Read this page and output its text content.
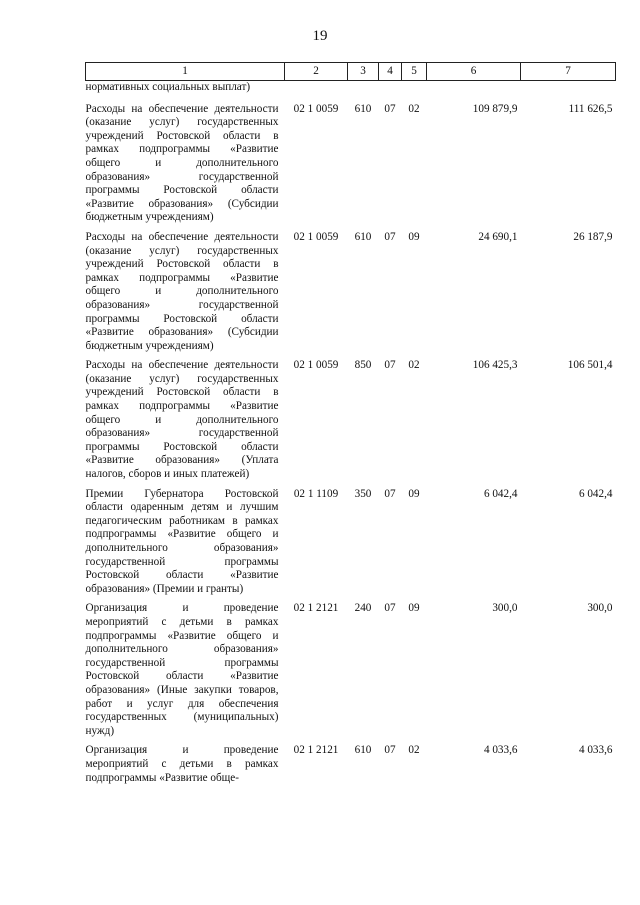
19
1	2	3	4	5	6	7
нормативных социальных выплат)						
Расходы на обеспечение деятельности (оказание услуг) государственных учреждений Ростовской области в рамках подпрограммы «Развитие общего и дополнительного образования» государственной программы Ростовской области «Развитие образования» (Субсидии бюджетным учреждениям)	02 1 0059	610	07	02	109 879,9	111 626,5
Расходы на обеспечение деятельности (оказание услуг) государственных учреждений Ростовской области в рамках подпрограммы «Развитие общего и дополнительного образования» государственной программы Ростовской области «Развитие образования» (Субсидии бюджетным учреждениям)	02 1 0059	610	07	09	24 690,1	26 187,9
Расходы на обеспечение деятельности (оказание услуг) государственных учреждений Ростовской области в рамках подпрограммы «Развитие общего и дополнительного образования» государственной программы Ростовской области «Развитие образования» (Уплата налогов, сборов и иных платежей)	02 1 0059	850	07	02	106 425,3	106 501,4
Премии Губернатора Ростовской области одаренным детям и лучшим педагогическим работникам в рамках подпрограммы «Развитие общего и дополнительного образования» государственной программы Ростовской области «Развитие образования» (Премии и гранты)	02 1 1109	350	07	09	6 042,4	6 042,4
Организация и проведение мероприятий с детьми в рамках подпрограммы «Развитие общего и дополнительного образования» государственной программы Ростовской области «Развитие образования» (Иные закупки товаров, работ и услуг для обеспечения государственных (муниципальных) нужд)	02 1 2121	240	07	09	300,0	300,0
Организация и проведение мероприятий с детьми в рамках подпрограммы «Развитие обще-	02 1 2121	610	07	02	4 033,6	4 033,6
